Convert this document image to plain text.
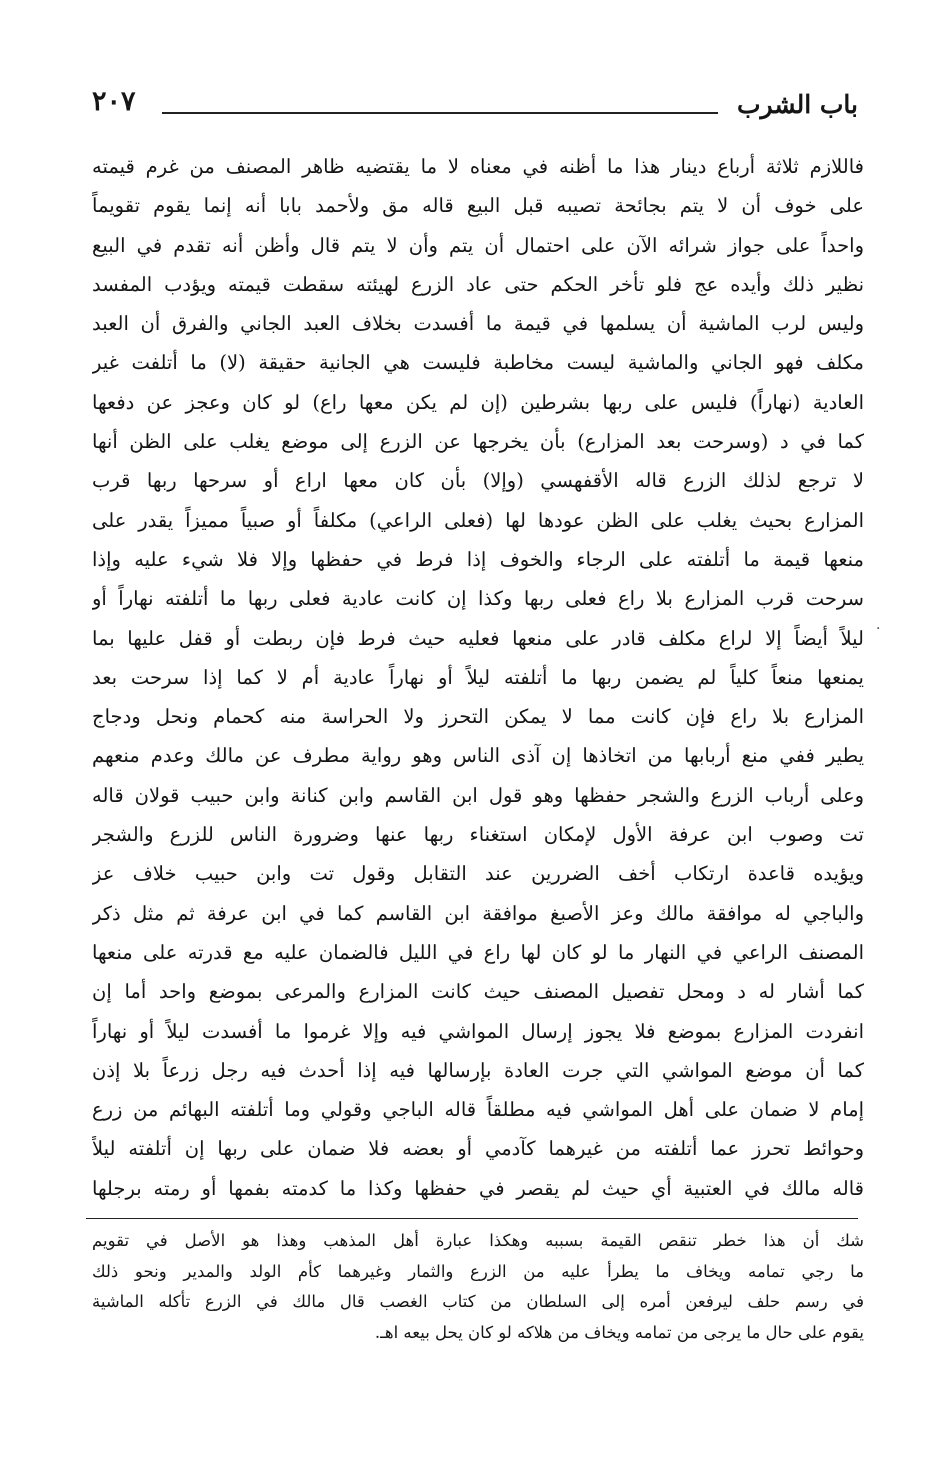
باب الشرب
٢٠٧
فاللازم ثلاثة أرباع دينار هذا ما أظنه في معناه لا ما يقتضيه ظاهر المصنف من غرم قيمته
على خوف أن لا يتم بجائحة تصيبه قبل البيع قاله مق ولأحمد بابا أنه إنما يقوم تقويماً
واحداً على جواز شرائه الآن على احتمال أن يتم وأن لا يتم قال وأظن أنه تقدم في البيع
نظير ذلك وأيده عج فلو تأخر الحكم حتى عاد الزرع لهيئته سقطت قيمته ويؤدب المفسد
وليس لرب الماشية أن يسلمها في قيمة ما أفسدت بخلاف العبد الجاني والفرق أن العبد
مكلف فهو الجاني والماشية ليست مخاطبة فليست هي الجانية حقيقة (لا) ما أتلفت غير
العادية (نهاراً) فليس على ربها بشرطين (إن لم يكن معها راع) لو كان وعجز عن دفعها
كما في د (وسرحت بعد المزارع) بأن يخرجها عن الزرع إلى موضع يغلب على الظن أنها
لا ترجع لذلك الزرع قاله الأقفهسي (وإلا) بأن كان معها اراع أو سرحها ربها قرب
المزارع بحيث يغلب على الظن عودها لها (فعلى الراعي) مكلفاً أو صبياً مميزاً يقدر على
منعها قيمة ما أتلفته على الرجاء والخوف إذا فرط في حفظها وإلا فلا شيء عليه وإذا
سرحت قرب المزارع بلا راع فعلى ربها وكذا إن كانت عادية فعلى ربها ما أتلفته نهاراً أو
ليلاً أيضاً إلا لراع مكلف قادر على منعها فعليه حيث فرط فإن ربطت أو قفل عليها بما
يمنعها منعاً كلياً لم يضمن ربها ما أتلفته ليلاً أو نهاراً عادية أم لا كما إذا سرحت بعد
المزارع بلا راع فإن كانت مما لا يمكن التحرز ولا الحراسة منه كحمام ونحل ودجاج
يطير ففي منع أربابها من اتخاذها إن آذى الناس وهو رواية مطرف عن مالك وعدم منعهم
وعلى أرباب الزرع والشجر حفظها وهو قول ابن القاسم وابن كنانة وابن حبيب قولان قاله
تت وصوب ابن عرفة الأول لإمكان استغناء ربها عنها وضرورة الناس للزرع والشجر
ويؤيده قاعدة ارتكاب أخف الضررين عند التقابل وقول تت وابن حبيب خلاف عز
والباجي له موافقة مالك وعز الأصبغ موافقة ابن القاسم كما في ابن عرفة ثم مثل ذكر
المصنف الراعي في النهار ما لو كان لها راع في الليل فالضمان عليه مع قدرته على منعها
كما أشار له د ومحل تفصيل المصنف حيث كانت المزارع والمرعى بموضع واحد أما إن
انفردت المزارع بموضع فلا يجوز إرسال المواشي فيه وإلا غرموا ما أفسدت ليلاً أو نهاراً
كما أن موضع المواشي التي جرت العادة بإرسالها فيه إذا أحدث فيه رجل زرعاً بلا إذن
إمام لا ضمان على أهل المواشي فيه مطلقاً قاله الباجي وقولي وما أتلفته البهائم من زرع
وحوائط تحرز عما أتلفته من غيرهما كآدمي أو بعضه فلا ضمان على ربها إن أتلفته ليلاً
قاله مالك في العتبية أي حيث لم يقصر في حفظها وكذا ما كدمته بفمها أو رمته برجلها
شك أن هذا خطر تنقص القيمة بسببه وهكذا عبارة أهل المذهب وهذا هو الأصل في تقويم
ما رجي تمامه ويخاف ما يطرأ عليه من الزرع والثمار وغيرهما كأم الولد والمدير ونحو ذلك
في رسم حلف ليرفعن أمره إلى السلطان من كتاب الغصب قال مالك في الزرع تأكله الماشية
يقوم على حال ما يرجى من تمامه ويخاف من هلاكه لو كان يحل بيعه اهـ.
·
